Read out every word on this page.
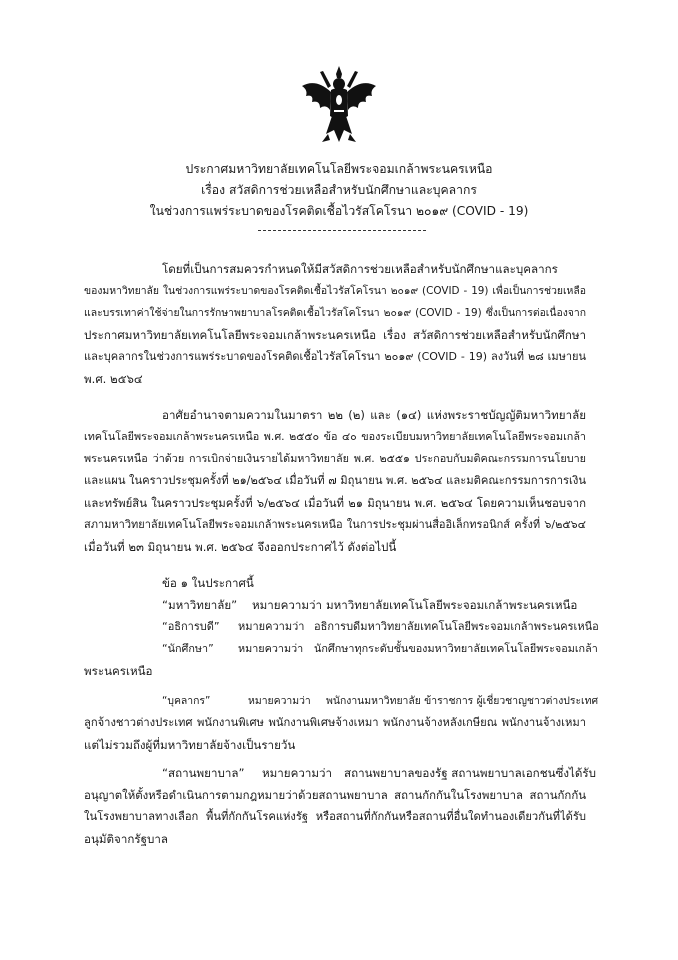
ประกาศมหาวิทยาลัยเทคโนโลยีพระจอมเกล้าพระนครเหนือ
เรื่อง สวัสดิการช่วยเหลือสำหรับนักศึกษาและบุคลากร
ในช่วงการแพร่ระบาดของโรคติดเชื้อไวรัสโคโรนา ๒๐๑๙ (COVID - 19)
โดยที่เป็นการสมควรกำหนดให้มีสวัสดิการช่วยเหลือสำหรับนักศึกษาและบุคลากร
ของมหาวิทยาลัย ในช่วงการแพร่ระบาดของโรคติดเชื้อไวรัสโคโรนา ๒๐๑๙ (COVID - 19) เพื่อเป็นการช่วยเหลือ
และบรรเทาค่าใช้จ่ายในการรักษาพยาบาลโรคติดเชื้อไวรัสโคโรนา ๒๐๑๙ (COVID - 19) ซึ่งเป็นการต่อเนื่องจาก
ประกาศมหาวิทยาลัยเทคโนโลยีพระจอมเกล้าพระนครเหนือ เรื่อง สวัสดิการช่วยเหลือสำหรับนักศึกษา
และบุคลากรในช่วงการแพร่ระบาดของโรคติดเชื้อไวรัสโคโรนา ๒๐๑๙ (COVID - 19) ลงวันที่ ๒๘ เมษายน
พ.ศ. ๒๕๖๔
อาศัยอำนาจตามความในมาตรา ๒๒ (๒) และ (๑๔) แห่งพระราชบัญญัติมหาวิทยาลัย
เทคโนโลยีพระจอมเกล้าพระนครเหนือ พ.ศ. ๒๕๕๐ ข้อ ๔๐ ของระเบียบมหาวิทยาลัยเทคโนโลยีพระจอมเกล้า
พระนครเหนือ ว่าด้วย การเบิกจ่ายเงินรายได้มหาวิทยาลัย พ.ศ. ๒๕๕๑ ประกอบกับมติคณะกรรมการนโยบาย
และแผน ในคราวประชุมครั้งที่ ๒๑/๒๕๖๔ เมื่อวันที่ ๗ มิถุนายน พ.ศ. ๒๕๖๔ และมติคณะกรรมการการเงิน
และทรัพย์สิน ในคราวประชุมครั้งที่ ๖/๒๕๖๔ เมื่อวันที่ ๒๑ มิถุนายน พ.ศ. ๒๕๖๔ โดยความเห็นชอบจาก
สภามหาวิทยาลัยเทคโนโลยีพระจอมเกล้าพระนครเหนือ ในการประชุมผ่านสื่ออิเล็กทรอนิกส์ ครั้งที่ ๖/๒๕๖๔
เมื่อวันที่ ๒๓ มิถุนายน พ.ศ. ๒๕๖๔ จึงออกประกาศไว้ ดังต่อไปนี้
ข้อ ๑ ในประกาศนี้
“มหาวิทยาลัย” หมายความว่า มหาวิทยาลัยเทคโนโลยีพระจอมเกล้าพระนครเหนือ
“อธิการบดี” หมายความว่า อธิการบดีมหาวิทยาลัยเทคโนโลยีพระจอมเกล้าพระนครเหนือ
“นักศึกษา” หมายความว่า นักศึกษาทุกระดับชั้นของมหาวิทยาลัยเทคโนโลยีพระจอมเกล้า
พระนครเหนือ
“บุคลากร”	หมายความว่า พนักงานมหาวิทยาลัย ข้าราชการ ผู้เชี่ยวชาญชาวต่างประเทศ
ลูกจ้างชาวต่างประเทศ พนักงานพิเศษ พนักงานพิเศษจ้างเหมา พนักงานจ้างหลังเกษียณ พนักงานจ้างเหมา
แต่ไม่รวมถึงผู้ที่มหาวิทยาลัยจ้างเป็นรายวัน
“สถานพยาบาล” หมายความว่า สถานพยาบาลของรัฐ สถานพยาบาลเอกชนซึ่งได้รับ
อนุญาตให้ตั้งหรือดำเนินการตามกฎหมายว่าด้วยสถานพยาบาล สถานกักกันในโรงพยาบาล สถานกักกัน
ในโรงพยาบาลทางเลือก พื้นที่กักกันโรคแห่งรัฐ หรือสถานที่กักกันหรือสถานที่อื่นใดทำนองเดียวกันที่ได้รับ
อนุมัติจากรัฐบาล
